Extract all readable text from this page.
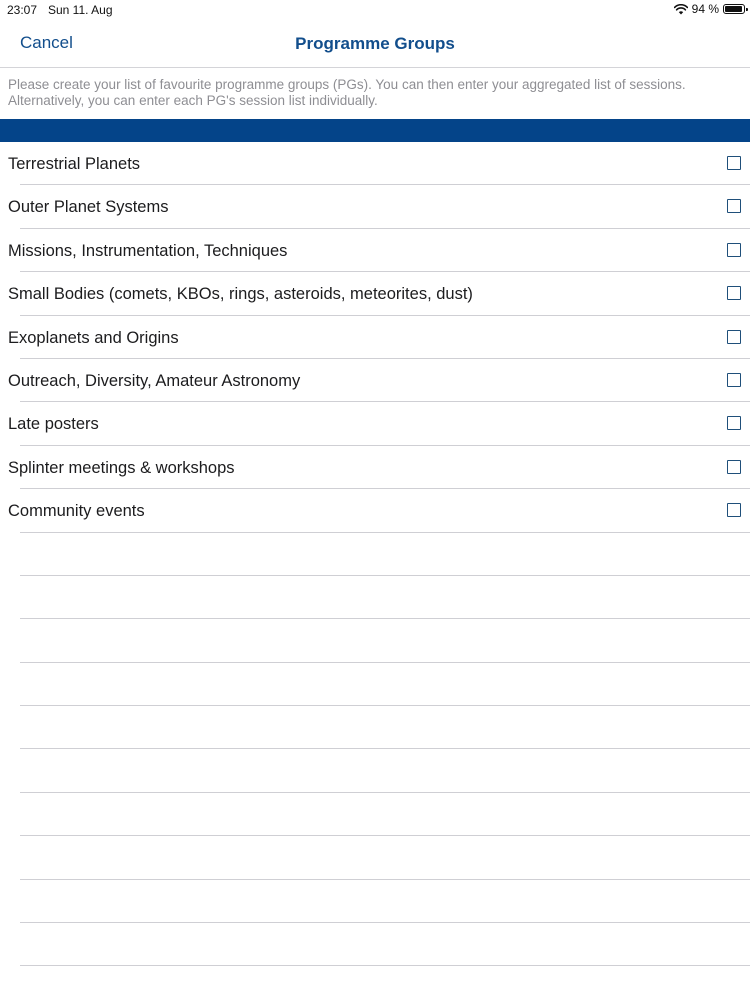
23:07 Sun 11. Aug	94 %
Cancel	Programme Groups
Please create your list of favourite programme groups (PGs). You can then enter your aggregated list of sessions. Alternatively, you can enter each PG's session list individually.
Terrestrial Planets
Outer Planet Systems
Missions, Instrumentation, Techniques
Small Bodies (comets, KBOs, rings, asteroids, meteorites, dust)
Exoplanets and Origins
Outreach, Diversity, Amateur Astronomy
Late posters
Splinter meetings & workshops
Community events
